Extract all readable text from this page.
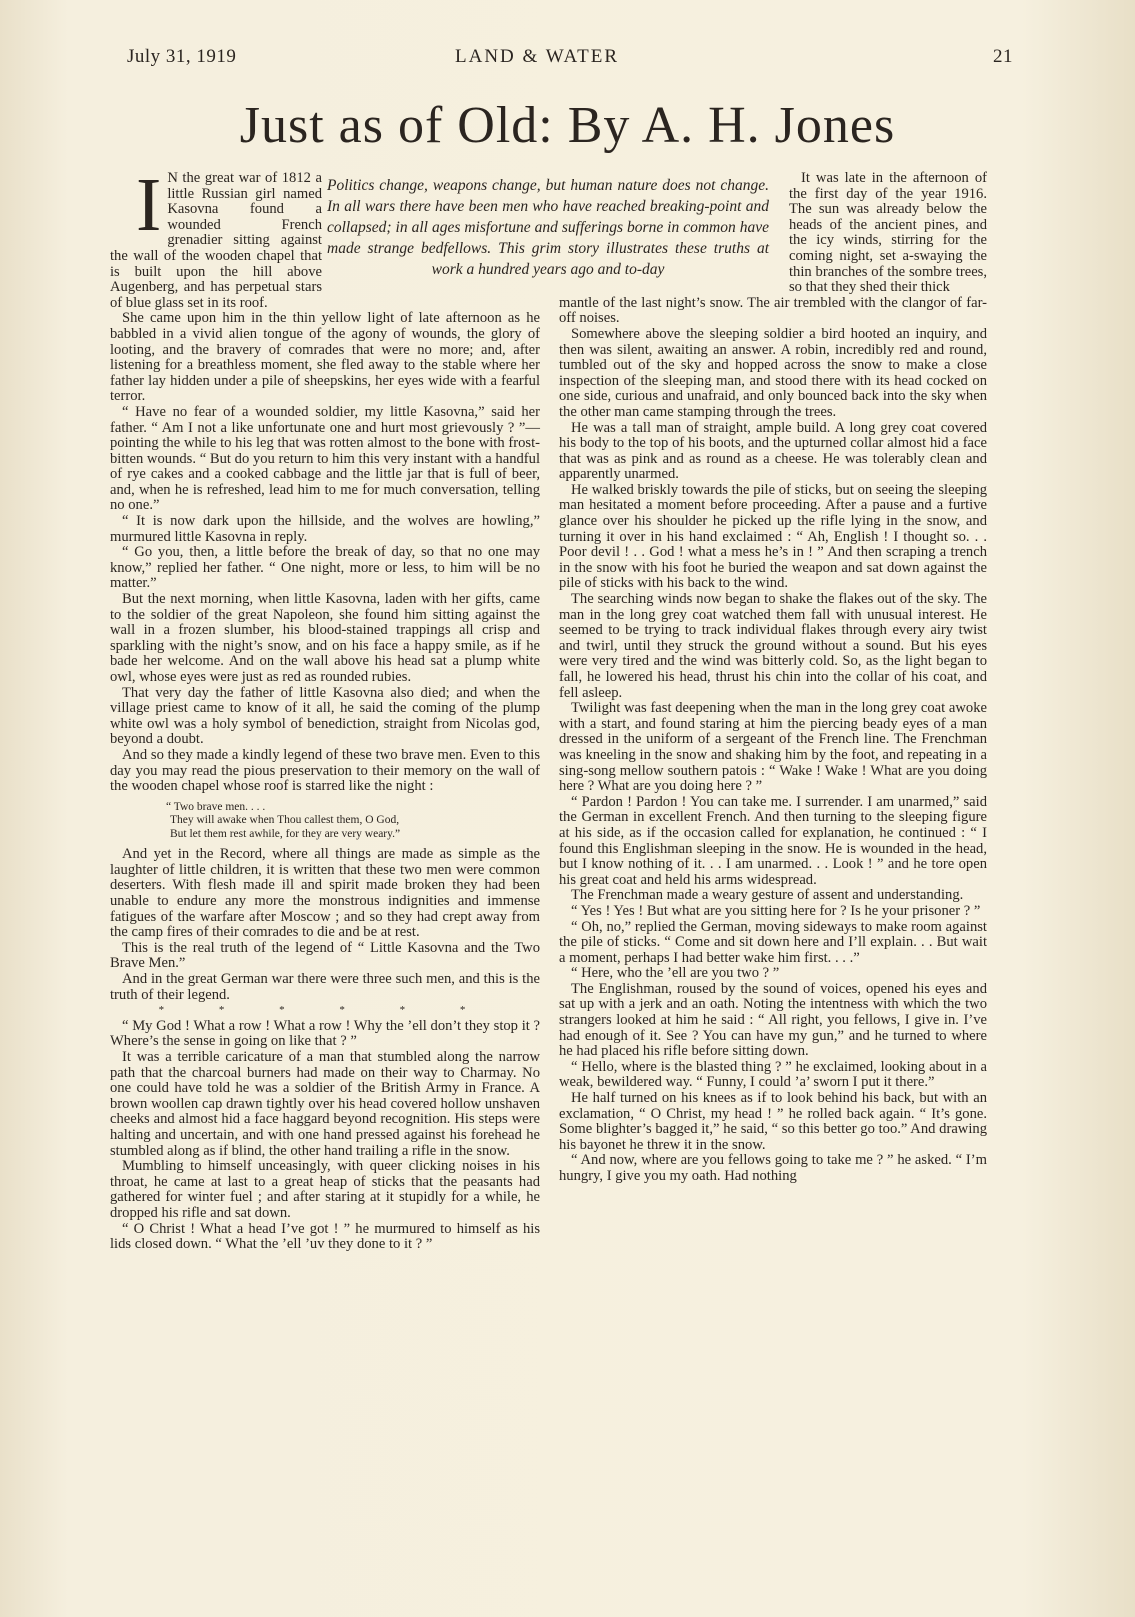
July 31, 1919	LAND & WATER	21
Just as of Old: By A. H. Jones
Politics change, weapons change, but human nature does not change. In all wars there have been men who have reached breaking-point and collapsed; in all ages misfortune and sufferings borne in common have made strange bedfellows. This grim story illustrates these truths at work a hundred years ago and to-day
I N the great war of 1812 a little Russian girl named Kasovna found a wounded French grenadier sitting against the wall of the wooden chapel that is built upon the hill above Augenberg, and has perpetual stars of blue glass set in its roof.

She came upon him in the thin yellow light of late afternoon as he babbled in a vivid alien tongue of the agony of wounds, the glory of looting, and the bravery of comrades that were no more; and, after listening for a breathless moment, she fled away to the stable where her father lay hidden under a pile of sheepskins, her eyes wide with a fearful terror.

“ Have no fear of a wounded soldier, my little Kasovna,” said her father. “ Am I not a like unfortunate one and hurt most grievously ? ”—pointing the while to his leg that was rotten almost to the bone with frost-bitten wounds. “ But do you return to him this very instant with a handful of rye cakes and a cooked cabbage and the little jar that is full of beer, and, when he is refreshed, lead him to me for much conversation, telling no one.”

“ It is now dark upon the hillside, and the wolves are howling,” murmured little Kasovna in reply.

“ Go you, then, a little before the break of day, so that no one may know,” replied her father. “ One night, more or less, to him will be no matter.”

But the next morning, when little Kasovna, laden with her gifts, came to the soldier of the great Napoleon, she found him sitting against the wall in a frozen slumber, his blood-stained trappings all crisp and sparkling with the night’s snow, and on his face a happy smile, as if he bade her welcome. And on the wall above his head sat a plump white owl, whose eyes were just as red as rounded rubies.

That very day the father of little Kasovna also died; and when the village priest came to know of it all, he said the coming of the plump white owl was a holy symbol of benediction, straight from Nicolas god, beyond a doubt.

And so they made a kindly legend of these two brave men. Even to this day you may read the pious preservation to their memory on the wall of the wooden chapel whose roof is starred like the night :

“ Two brave men. . . .
They will awake when Thou callest them, O God,
But let them rest awhile, for they are very weary.”

And yet in the Record, where all things are made as simple as the laughter of little children, it is written that these two men were common deserters. With flesh made ill and spirit made broken they had been unable to endure any more the monstrous indignities and immense fatigues of the warfare after Moscow ; and so they had crept away from the camp fires of their comrades to die and be at rest.

This is the real truth of the legend of “ Little Kasovna and the Two Brave Men.”

And in the great German war there were three such men, and this is the truth of their legend.

* * * * * *

“ My God ! What a row ! What a row ! Why the ’ell don’t they stop it ? Where’s the sense in going on like that ? ”

It was a terrible caricature of a man that stumbled along the narrow path that the charcoal burners had made on their way to Charmay. No one could have told he was a soldier of the British Army in France. A brown woollen cap drawn tightly over his head covered hollow unshaven cheeks and almost hid a face haggard beyond recognition. His steps were halting and uncertain, and with one hand pressed against his forehead he stumbled along as if blind, the other hand trailing a rifle in the snow.

Mumbling to himself unceasingly, with queer clicking noises in his throat, he came at last to a great heap of sticks that the peasants had gathered for winter fuel ; and after staring at it stupidly for a while, he dropped his rifle and sat down.

“ O Christ ! What a head I’ve got ! ” he murmured to himself as his lids closed down. “ What the ’ell ’uv they done to it ? ”

It was late in the afternoon of the first day of the year 1916. The sun was already below the heads of the ancient pines, and the icy winds, stirring for the coming night, set a-swaying the thin branches of the sombre trees, so that they shed their thick

mantle of the last night’s snow. The air trembled with the clangor of far-off noises.

Somewhere above the sleeping soldier a bird hooted an inquiry, and then was silent, awaiting an answer. A robin, incredibly red and round, tumbled out of the sky and hopped across the snow to make a close inspection of the sleeping man, and stood there with its head cocked on one side, curious and unafraid, and only bounced back into the sky when the other man came stamping through the trees.

He was a tall man of straight, ample build. A long grey coat covered his body to the top of his boots, and the upturned collar almost hid a face that was as pink and as round as a cheese. He was tolerably clean and apparently unarmed.

He walked briskly towards the pile of sticks, but on seeing the sleeping man hesitated a moment before proceeding. After a pause and a furtive glance over his shoulder he picked up the rifle lying in the snow, and turning it over in his hand exclaimed : “ Ah, English ! I thought so. . . Poor devil ! . . God ! what a mess he’s in ! ” And then scraping a trench in the snow with his foot he buried the weapon and sat down against the pile of sticks with his back to the wind.

The searching winds now began to shake the flakes out of the sky. The man in the long grey coat watched them fall with unusual interest. He seemed to be trying to track individual flakes through every airy twist and twirl, until they struck the ground without a sound. But his eyes were very tired and the wind was bitterly cold. So, as the light began to fall, he lowered his head, thrust his chin into the collar of his coat, and fell asleep.

Twilight was fast deepening when the man in the long grey coat awoke with a start, and found staring at him the piercing beady eyes of a man dressed in the uniform of a sergeant of the French line. The Frenchman was kneeling in the snow and shaking him by the foot, and repeating in a sing-song mellow southern patois : “ Wake ! Wake ! What are you doing here ? What are you doing here ? ”

“ Pardon ! Pardon ! You can take me. I surrender. I am unarmed,” said the German in excellent French. And then turning to the sleeping figure at his side, as if the occasion called for explanation, he continued : “ I found this Englishman sleeping in the snow. He is wounded in the head, but I know nothing of it. . . I am unarmed. . . Look ! ” and he tore open his great coat and held his arms widespread.

The Frenchman made a weary gesture of assent and understanding.

“ Yes ! Yes ! But what are you sitting here for ? Is he your prisoner ? ”

“ Oh, no,” replied the German, moving sideways to make room against the pile of sticks. “ Come and sit down here and I’ll explain. . . But wait a moment, perhaps I had better wake him first. . . .”

“ Here, who the ’ell are you two ? ”

The Englishman, roused by the sound of voices, opened his eyes and sat up with a jerk and an oath. Noting the intentness with which the two strangers looked at him he said : “ All right, you fellows, I give in. I’ve had enough of it. See ? You can have my gun,” and he turned to where he had placed his rifle before sitting down.

“ Hello, where is the blasted thing ? ” he exclaimed, looking about in a weak, bewildered way. “ Funny, I could ’a’ sworn I put it there.”

He half turned on his knees as if to look behind his back, but with an exclamation, “ O Christ, my head ! ” he rolled back again. “ It’s gone. Some blighter’s bagged it,” he said, “ so this better go too.” And drawing his bayonet he threw it in the snow.

“ And now, where are you fellows going to take me ? ” he asked. “ I’m hungry, I give you my oath. Had nothing
